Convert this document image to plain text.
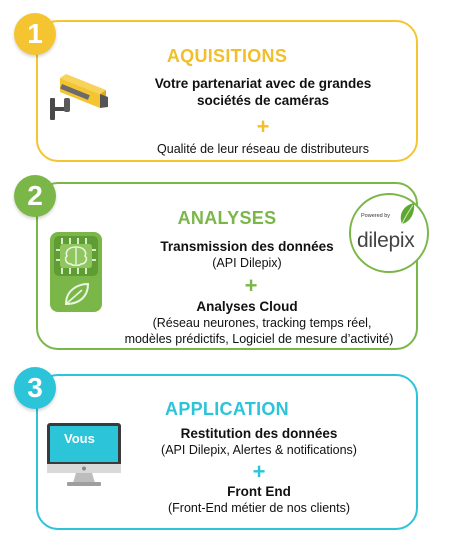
AQUISITIONS
Votre partenariat avec de grandes
sociétés de caméras
+
Qualité de leur réseau de distributeurs
1
ANALYSES
Transmission des données
(API Dilepix)
+
Analyses Cloud
(Réseau neurones, tracking temps réel,
modèles prédictifs, Logiciel de mesure d’activité)
2
Powered by
dilepix
APPLICATION
Restitution des données
(API Dilepix, Alertes & notifications)
+
Front End
(Front-End métier de nos clients)
Vous
3
